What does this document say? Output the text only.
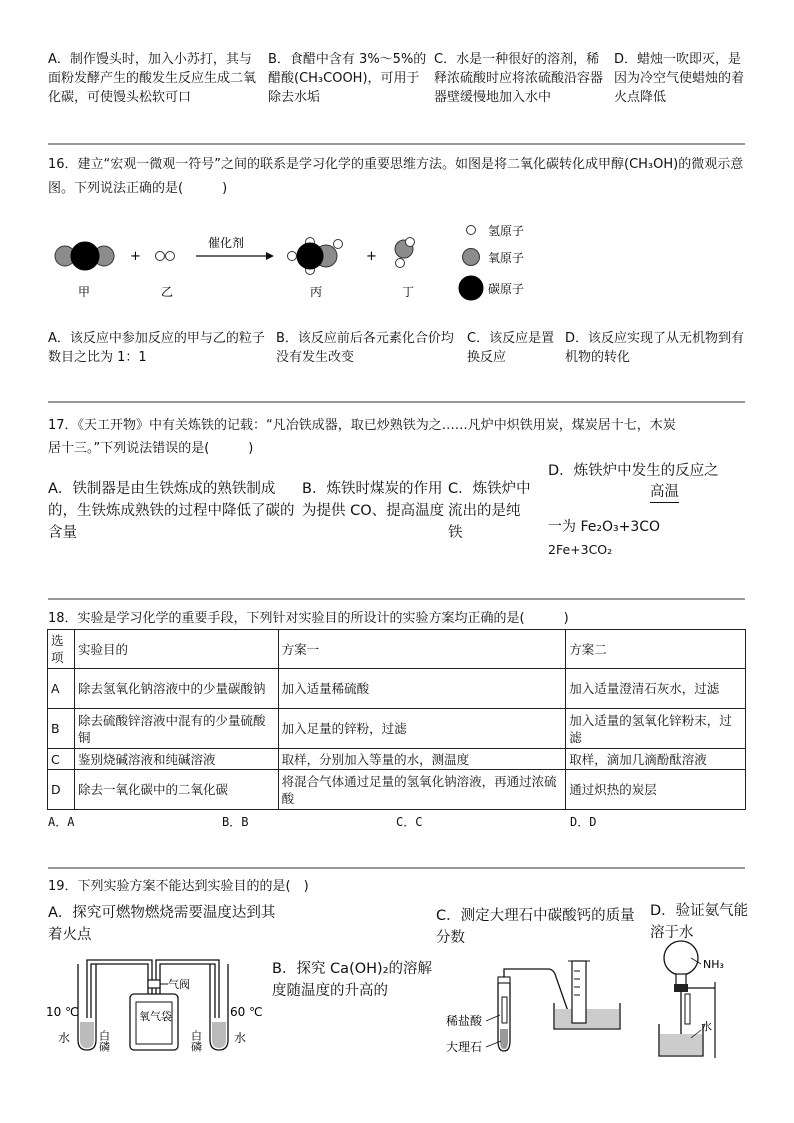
A．制作馒头时，加入小苏打，其与面粉发酵产生的酸发生反应生成二氧化碳，可使馒头松软可口
B．食醋中含有 3%～5%的醋酸(CH₃COOH)，可用于除去水垢
C．水是一种很好的溶剂，稀释浓硫酸时应将浓硫酸沿容器器壁缓慢地加入水中
D．蜡烛一吹即灭，是因为冷空气使蜡烛的着火点降低
16．建立“宏观一微观一符号”之间的联系是学习化学的重要思维方法。如图是将二氧化碳转化成甲醇(CH₃OH)的微观示意图。下列说法正确的是(　　　)
+
催化剂
+
甲	乙	丙	丁
氢原子
氧原子
碳原子
A．该反应中参加反应的甲与乙的粒子数目之比为 1：1
B．该反应前后各元素化合价均没有发生改变
C．该反应是置换反应
D．该反应实现了从无机物到有机物的转化
17．《天工开物》中有关炼铁的记载：“凡冶铁成器，取已炒熟铁为之……凡炉中炽铁用炭，煤炭居十七，木炭
居十三。”下列说法错误的是(　　　)
A．铁制器是由生铁炼成的熟铁制成的，生铁炼成熟铁的过程中降低了碳的含量
B．炼铁时煤炭的作用为提供 CO、提高温度
C．炼铁炉中流出的是纯铁
D．炼铁炉中发生的反应之
高温
一为 Fe₂O₃+3CO
2Fe+3CO₂
18．实验是学习化学的重要手段，下列针对实验目的所设计的实验方案均正确的是(　　　)
选项	实验目的	方案一	方案二
A	除去氢氧化钠溶液中的少量碳酸钠	加入适量稀硫酸	加入适量澄清石灰水，过滤
B	除去硫酸锌溶液中混有的少量硫酸铜	加入足量的锌粉，过滤	加入适量的氢氧化锌粉末，过滤
C	鉴别烧碱溶液和纯碱溶液	取样，分别加入等量的水，测温度	取样，滴加几滴酚酞溶液
D	除去一氧化碳中的二氧化碳	将混合气体通过足量的氢氧化钠溶液，再通过浓硫酸	通过炽热的炭层
A．A	B．B	C．C	D．D
19．下列实验方案不能达到实验目的的是(　)
A．探究可燃物燃烧需要温度达到其着火点
B．探究 Ca(OH)₂的溶解度随温度的升高的
C．测定大理石中碳酸钙的质量分数
D．验证氨气能溶于水
气阀
氧气袋
10 ℃	60 ℃
水	水
白磷	白磷
稀盐酸
大理石
NH₃
水
